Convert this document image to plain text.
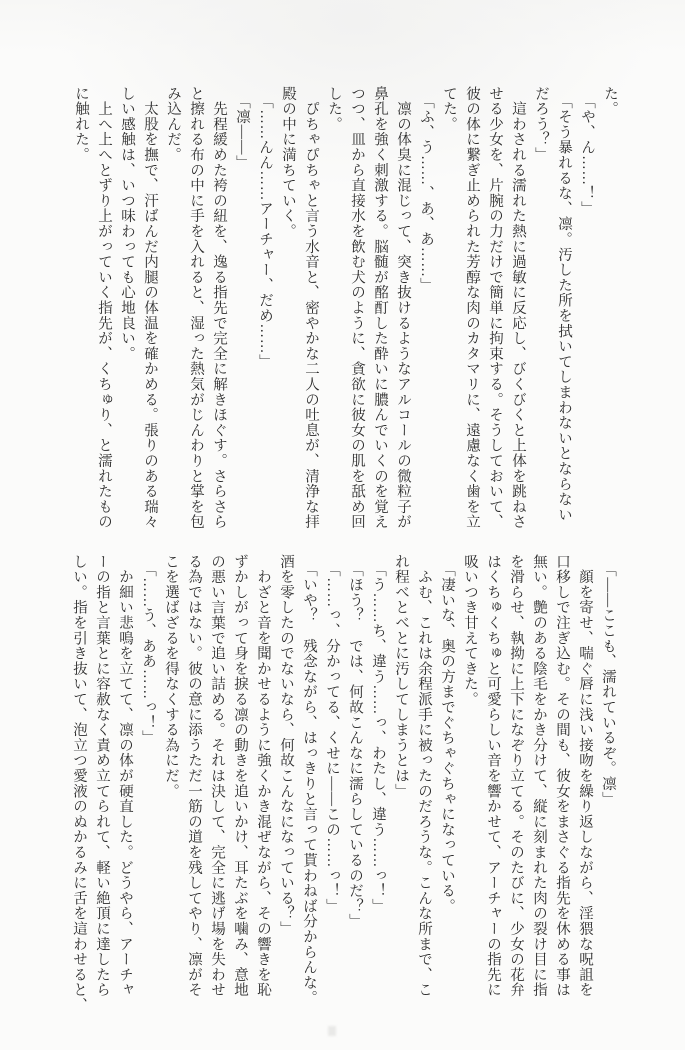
た。

　「や、ん……！」

　「そう暴れるな、凛。汚した所を拭いてしまわないとならない

だろう？」

　這わされる濡れた熱に過敏に反応し、びくびくと上体を跳ねさ

せる少女を、片腕の力だけで簡単に拘束する。そうしておいて、

彼の体に繋ぎ止められた芳醇な肉のカタマリに、遠慮なく歯を立

てた。

　「ふ、う……、あ、あ……」

　凛の体臭に混じって、突き抜けるようなアルコールの微粒子が

鼻孔を強く刺激する。脳髄が酩酊した酔いに膿んでいくのを覚え

つつ、皿から直接水を飲む犬のように、貪欲に彼女の肌を舐め回

した。

　ぴちゃぴちゃと言う水音と、密やかな二人の吐息が、清浄な拝

殿の中に満ちていく。

　「……んん……アーチャー、だめ……」

　「凛――」

　先程緩めた袴の紐を、逸る指先で完全に解きほぐす。さらさら

と擦れる布の中に手を入れると、湿った熱気がじんわりと掌を包

み込んだ。

　太股を撫で、汗ばんだ内腿の体温を確かめる。張りのある瑞々

しい感触は、いつ味わっても心地良い。

　上へ上へとずり上がっていく指先が、くちゅり、と濡れたもの

に触れた。

　「――ここも、濡れているぞ。凛」

　顔を寄せ、喘ぐ唇に浅い接吻を繰り返しながら、淫猥な呪詛を

口移しで注ぎ込む。その間も、彼女をまさぐる指先を休める事は

無い。艶のある陰毛をかき分けて、縦に刻まれた肉の裂け目に指

を滑らせ、執拗に上下になぞり立てる。そのたびに、少女の花弁

はくちゅくちゅと可愛らしい音を響かせて、アーチャーの指先に

吸いつき甘えてきた。

　「凄いな、奥の方までぐちゃぐちゃになっている。

　ふむ、これは余程派手に被ったのだろうな。こんな所まで、こ

れ程べとべとに汚してしまうとは」

　「う……ち、違う……っ、わたし、違う……っ！」

　「ほう？　では、何故こんなに濡らしているのだ？」

　「……っ、分かってる、くせに――この……っ！」

　「いや？　残念ながら、はっきりと言って貰わねば分からんな。

酒を零したのでないなら、何故こんなになっている？」

　わざと音を聞かせるように強くかき混ぜながら、その響きを恥

ずかしがって身を捩る凛の動きを追いかけ、耳たぶを噛み、意地

の悪い言葉で追い詰める。それは決して、完全に逃げ場を失わせ

る為ではない。彼の意に添うただ一筋の道を残してやり、凛がそ

こを選ばざるを得なくする為にだ。

　「……う、ああ……っ！」

　か細い悲鳴を立てて、凛の体が硬直した。どうやら、アーチャ

ーの指と言葉とに容赦なく責め立てられて、軽い絶頂に達したら

しい。指を引き抜いて、泡立つ愛液のぬかるみに舌を這わせると、
